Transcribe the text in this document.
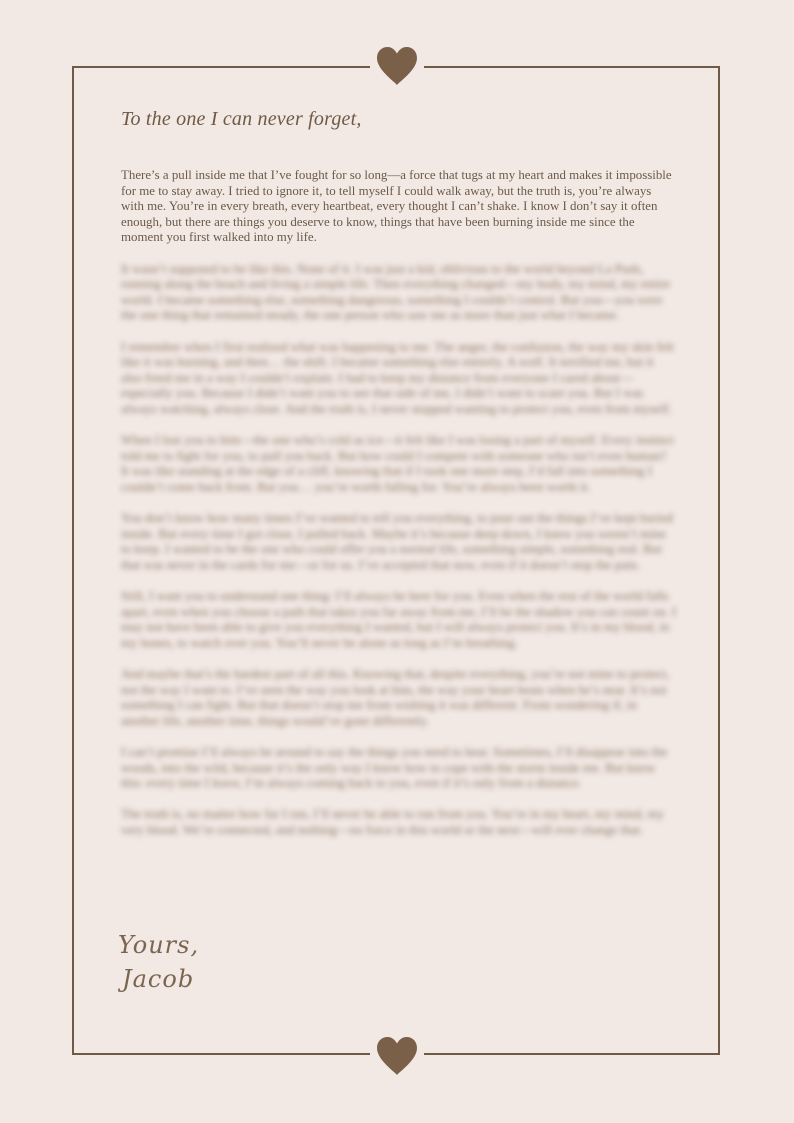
To the one I can never forget,

There’s a pull inside me that I’ve fought for so long—a force that tugs at my heart and makes it impossible for me to stay away. I tried to ignore it, to tell myself I could walk away, but the truth is, you’re always with me. You’re in every breath, every heartbeat, every thought I can’t shake. I know I don’t say it often enough, but there are things you deserve to know, things that have been burning inside me since the moment you first walked into my life.

It wasn’t supposed to be like this. None of it. I was just a kid, oblivious to the world beyond La Push, running along the beach and living a simple life. Then everything changed—my body, my mind, my entire world. I became something else, something dangerous, something I couldn’t control. But you—you were the one thing that remained steady, the one person who saw me as more than just what I became.

I remember when I first realized what was happening to me. The anger, the confusion, the way my skin felt like it was burning, and then… the shift. I became something else entirely. A wolf. It terrified me, but it also freed me in a way I couldn’t explain. I had to keep my distance from everyone I cared about—especially you. Because I didn’t want you to see that side of me, I didn’t want to scare you. But I was always watching, always close. And the truth is, I never stopped wanting to protect you, even from myself.

When I lost you to him—the one who’s cold as ice—it felt like I was losing a part of myself. Every instinct told me to fight for you, to pull you back. But how could I compete with someone who isn’t even human? It was like standing at the edge of a cliff, knowing that if I took one more step, I’d fall into something I couldn’t come back from. But you… you’re worth falling for. You’re always been worth it.

You don’t know how many times I’ve wanted to tell you everything, to pour out the things I’ve kept buried inside. But every time I got close, I pulled back. Maybe it’s because deep down, I knew you weren’t mine to keep. I wanted to be the one who could offer you a normal life, something simple, something real. But that was never in the cards for me—or for us. I’ve accepted that now, even if it doesn’t stop the pain.

Still, I want you to understand one thing: I’ll always be here for you. Even when the rest of the world falls apart, even when you choose a path that takes you far away from me, I’ll be the shadow you can count on. I may not have been able to give you everything I wanted, but I will always protect you. It’s in my blood, in my bones, to watch over you. You’ll never be alone as long as I’m breathing.

And maybe that’s the hardest part of all this. Knowing that, despite everything, you’re not mine to protect, not the way I want to. I’ve seen the way you look at him, the way your heart beats when he’s near. It’s not something I can fight. But that doesn’t stop me from wishing it was different. From wondering if, in another life, another time, things would’ve gone differently.

I can’t promise I’ll always be around to say the things you need to hear. Sometimes, I’ll disappear into the woods, into the wild, because it’s the only way I know how to cope with the storm inside me. But know this: every time I leave, I’m always coming back to you, even if it’s only from a distance.

The truth is, no matter how far I run, I’ll never be able to run from you. You’re in my heart, my mind, my very blood. We’re connected, and nothing—no force in this world or the next—will ever change that.

Yours,
Jacob
